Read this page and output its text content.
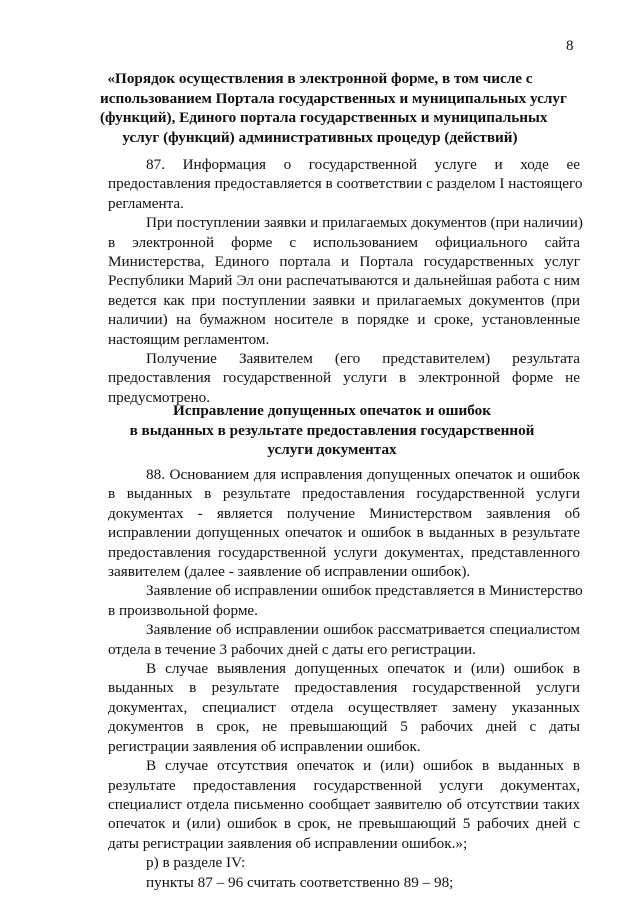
8
«Порядок осуществления в электронной форме, в том числе с
использованием Портала государственных и муниципальных услуг
(функций), Единого портала государственных и муниципальных
услуг (функций) административных процедур (действий)
87. Информация о государственной услуге и ходе ее
предоставления предоставляется в соответствии с разделом I настоящего
регламента.
При поступлении заявки и прилагаемых документов (при наличии)
в электронной форме с использованием официального сайта
Министерства, Единого портала и Портала государственных услуг
Республики Марий Эл они распечатываются и дальнейшая работа с ним
ведется как при поступлении заявки и прилагаемых документов (при
наличии) на бумажном носителе в порядке и сроке, установленные
настоящим регламентом.
Получение Заявителем (его представителем) результата
предоставления государственной услуги в электронной форме не
предусмотрено.
Исправление допущенных опечаток и ошибок
в выданных в результате предоставления государственной
услуги документах
88. Основанием для исправления допущенных опечаток и ошибок
в выданных в результате предоставления государственной услуги
документах - является получение Министерством заявления об
исправлении допущенных опечаток и ошибок в выданных в результате
предоставления государственной услуги документах, представленного
заявителем (далее - заявление об исправлении ошибок).
Заявление об исправлении ошибок представляется в Министерство
в произвольной форме.
Заявление об исправлении ошибок рассматривается специалистом
отдела в течение 3 рабочих дней с даты его регистрации.
В случае выявления допущенных опечаток и (или) ошибок в
выданных в результате предоставления государственной услуги
документах, специалист отдела осуществляет замену указанных
документов в срок, не превышающий 5 рабочих дней с даты
регистрации заявления об исправлении ошибок.
В случае отсутствия опечаток и (или) ошибок в выданных в
результате предоставления государственной услуги документах,
специалист отдела письменно сообщает заявителю об отсутствии таких
опечаток и (или) ошибок в срок, не превышающий 5 рабочих дней с
даты регистрации заявления об исправлении ошибок.»;
р) в разделе IV:
пункты 87 – 96 считать соответственно 89 – 98;
